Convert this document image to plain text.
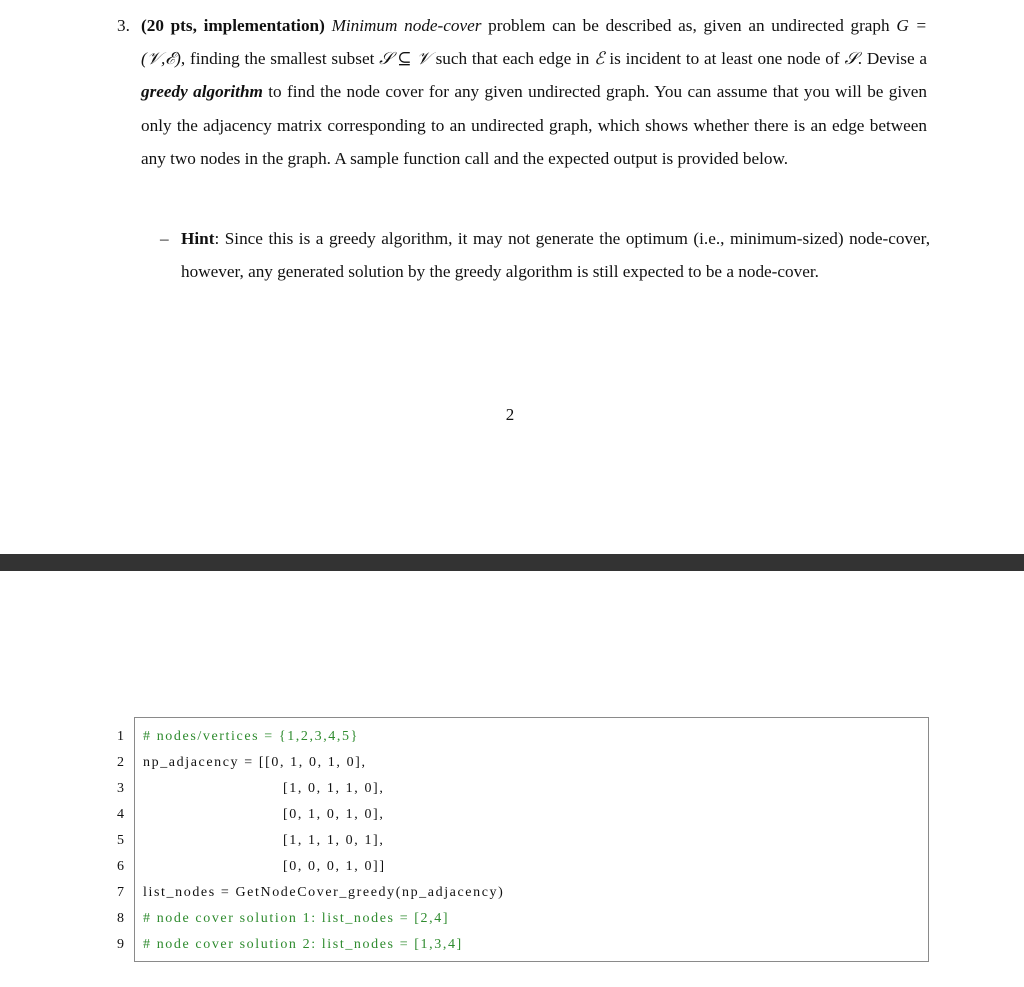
3. (20 pts, implementation) Minimum node-cover problem can be described as, given an undirected graph G = (𝒱,ℰ), finding the smallest subset 𝒮 ⊆ 𝒱 such that each edge in ℰ is incident to at least one node of 𝒮. Devise a greedy algorithm to find the node cover for any given undirected graph. You can assume that you will be given only the adjacency matrix corresponding to an undirected graph, which shows whether there is an edge between any two nodes in the graph. A sample function call and the expected output is provided below.
– Hint: Since this is a greedy algorithm, it may not generate the optimum (i.e., minimum-sized) node-cover, however, any generated solution by the greedy algorithm is still expected to be a node-cover.
2
1
2
3
4
5
6
7
8
9
# nodes/vertices = {1,2,3,4,5}
np_adjacency = [[0, 1, 0, 1, 0],
[1, 0, 1, 1, 0],
[0, 1, 0, 1, 0],
[1, 1, 1, 0, 1],
[0, 0, 0, 1, 0]]
list_nodes = GetNodeCover_greedy(np_adjacency)
# node cover solution 1: list_nodes = [2,4]
# node cover solution 2: list_nodes = [1,3,4]
